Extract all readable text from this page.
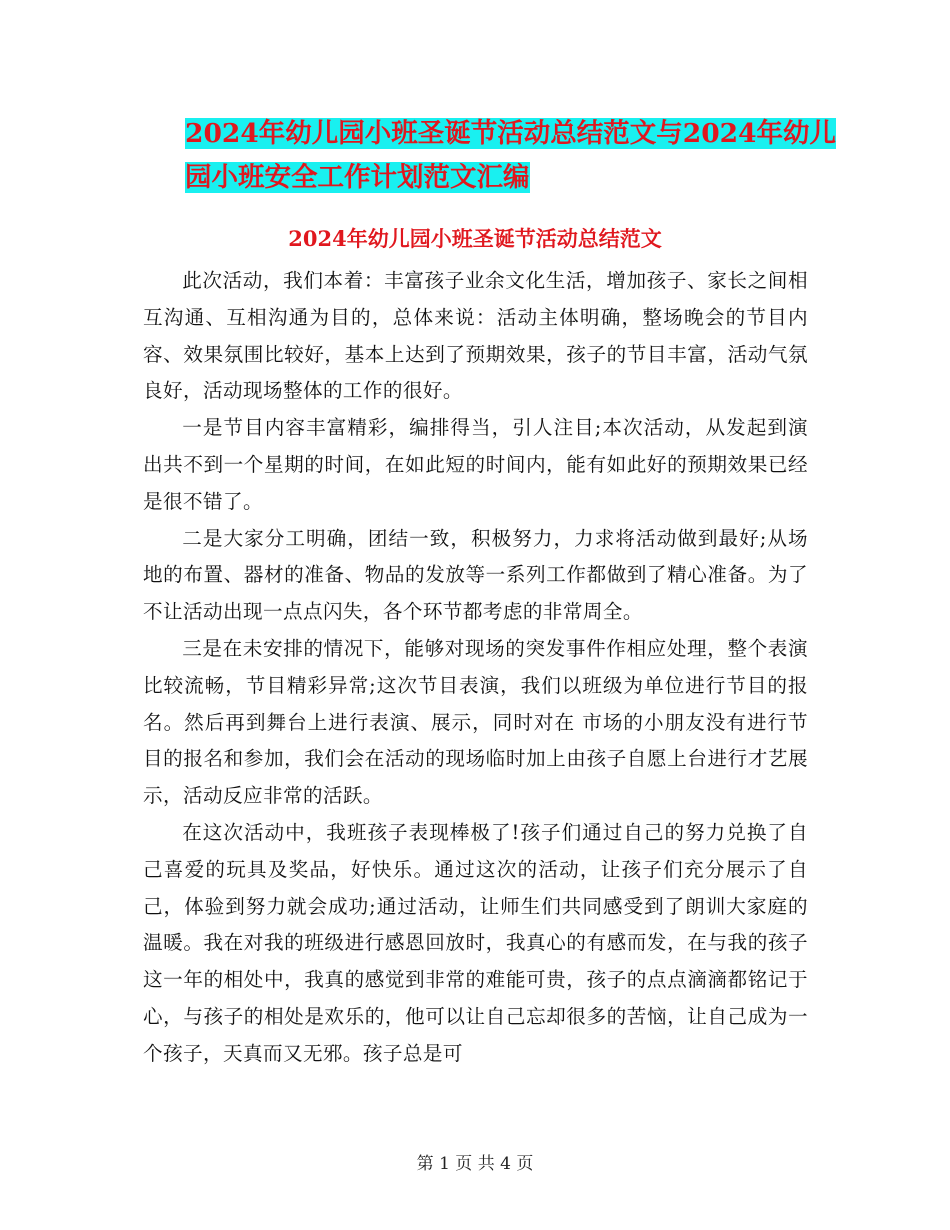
2024年幼儿园小班圣诞节活动总结范文与2024年幼儿
园小班安全工作计划范文汇编
2024年幼儿园小班圣诞节活动总结范文

此次活动，我们本着：丰富孩子业余文化生活，增加孩子、家长之间相互沟通、互相沟通为目的，总体来说：活动主体明确，整场晚会的节目内容、效果氛围比较好，基本上达到了预期效果，孩子的节目丰富，活动气氛良好，活动现场整体的工作的很好。

一是节目内容丰富精彩，编排得当，引人注目;本次活动，从发起到演出共不到一个星期的时间，在如此短的时间内，能有如此好的预期效果已经是很不错了。

二是大家分工明确，团结一致，积极努力，力求将活动做到最好;从场地的布置、器材的准备、物品的发放等一系列工作都做到了精心准备。为了不让活动出现一点点闪失，各个环节都考虑的非常周全。

三是在未安排的情况下，能够对现场的突发事件作相应处理，整个表演比较流畅，节目精彩异常;这次节目表演，我们以班级为单位进行节目的报名。然后再到舞台上进行表演、展示，同时对在 市场的小朋友没有进行节目的报名和参加，我们会在活动的现场临时加上由孩子自愿上台进行才艺展示，活动反应非常的活跃。

在这次活动中，我班孩子表现棒极了!孩子们通过自己的努力兑换了自己喜爱的玩具及奖品，好快乐。通过这次的活动，让孩子们充分展示了自己，体验到努力就会成功;通过活动，让师生们共同感受到了朗训大家庭的温暖。我在对我的班级进行感恩回放时，我真心的有感而发，在与我的孩子这一年的相处中，我真的感觉到非常的难能可贵，孩子的点点滴滴都铭记于心，与孩子的相处是欢乐的，他可以让自己忘却很多的苦恼，让自己成为一个孩子，天真而又无邪。孩子总是可

第 1 页 共 4 页
